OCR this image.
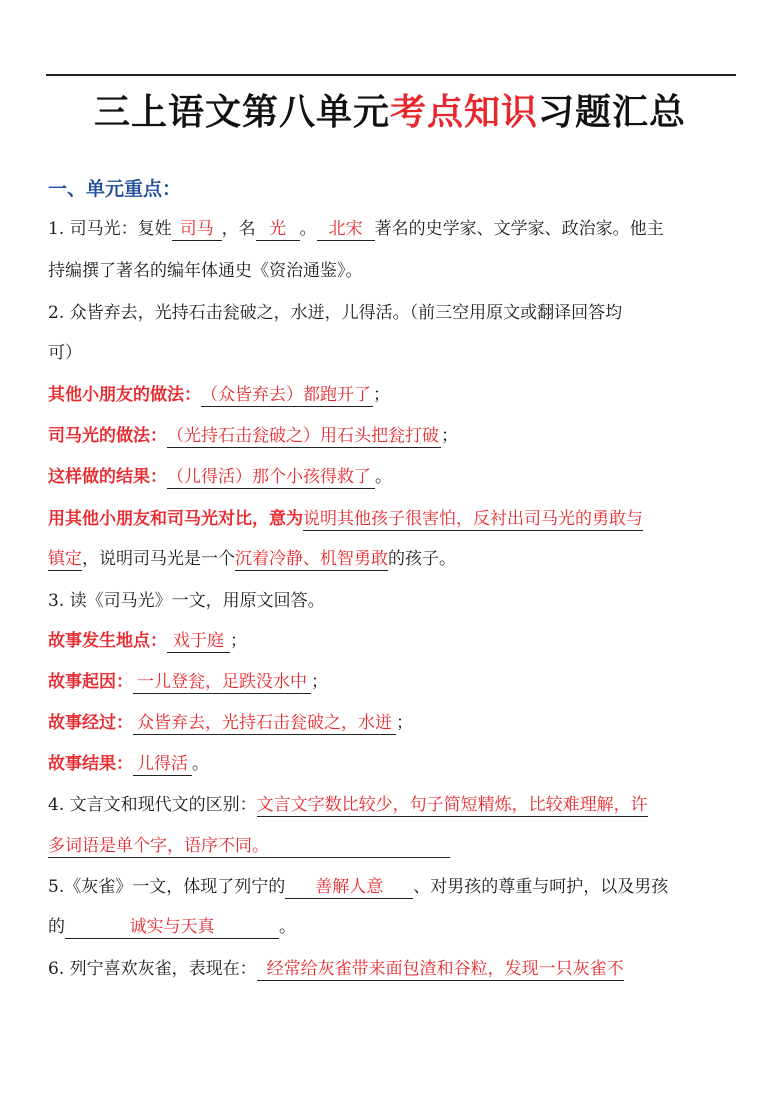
三上语文第八单元考点知识习题汇总
一、单元重点：
1. 司马光：复姓 司马 ，名 光 。 北宋 著名的史学家、文学家、政治家。他主
持编撰了著名的编年体通史《资治通鉴》。
2. 众皆弃去，光持石击瓮破之，水迸，儿得活。（前三空用原文或翻译回答均
可）
其他小朋友的做法：（众皆弃去）都跑开了 ；
司马光的做法：（光持石击瓮破之）用石头把瓮打破 ；
这样做的结果：（儿得活）那个小孩得救了 。
用其他小朋友和司马光对比，意为说明其他孩子很害怕，反衬出司马光的勇敢与
镇定，说明司马光是一个沉着冷静、机智勇敢的孩子。
3. 读《司马光》一文，用原文回答。
故事发生地点： 戏于庭 ；
故事起因： 一儿登瓮，足跌没水中 ；
故事经过： 众皆弃去，光持石击瓮破之，水迸 ；
故事结果： 儿得活 。
4. 文言文和现代文的区别：文言文字数比较少，句子简短精炼，比较难理解，许
多词语是单个字，语序不同。
5.《灰雀》一文，体现了列宁的 善解人意 、对男孩的尊重与呵护，以及男孩
的	诚实与天真	。
6. 列宁喜欢灰雀，表现在： 经常给灰雀带来面包渣和谷粒，发现一只灰雀不
